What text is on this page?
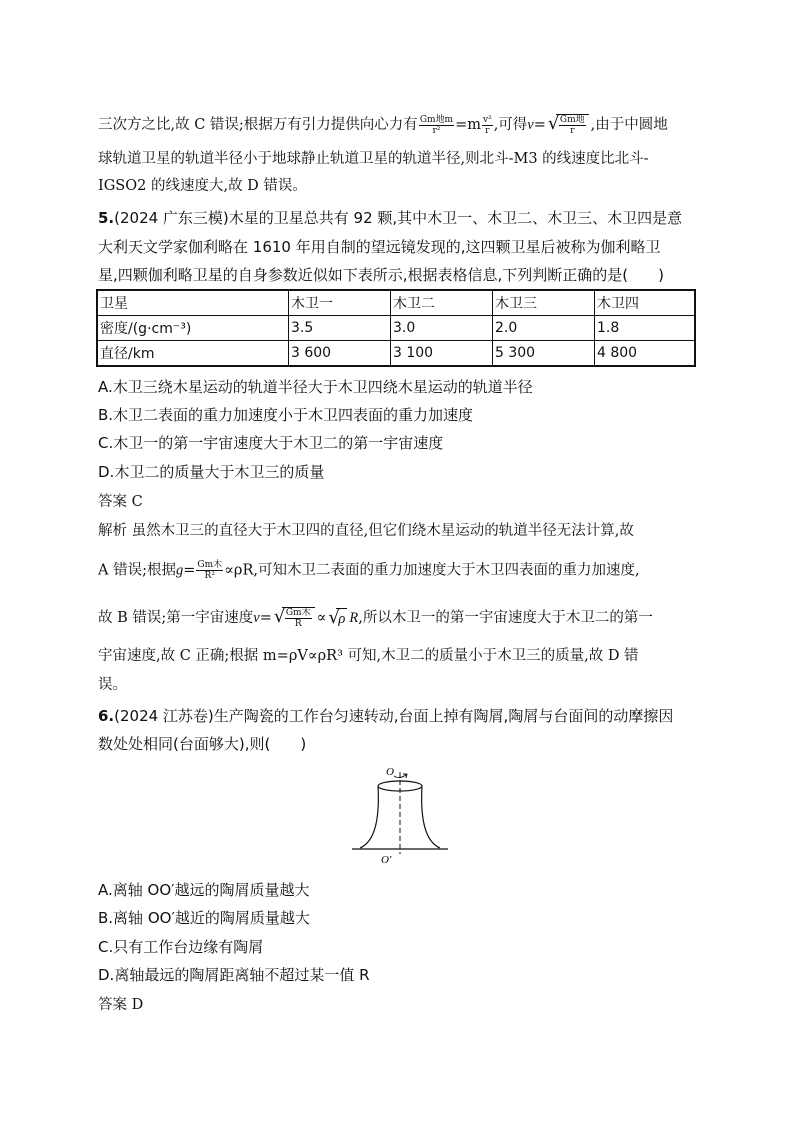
三次方之比,故 C 错误;根据万有引力提供向心力有 $\frac{\text{Gm地m}}{\text{r²}} =m \frac{\text{v²}}{r}$ ,可得v= √ $\frac{\text{Gm地}}{r}$ ,由于中圆地
球轨道卫星的轨道半径小于地球静止轨道卫星的轨道半径,则北斗-M3 的线速度比北斗-
IGSO2 的线速度大,故 D 错误。
5.(2024 广东三模)木星的卫星总共有 92 颗,其中木卫一、木卫二、木卫三、木卫四是意
大利天文学家伽利略在 1610 年用自制的望远镜发现的,这四颗卫星后被称为伽利略卫
星,四颗伽利略卫星的自身参数近似如下表所示,根据表格信息,下列判断正确的是(　　)
卫星	木卫一	木卫二	木卫三	木卫四
密度/(g·cm⁻³)	3.5	3.0	2.0	1.8
直径/km	3 600	3 100	5 300	4 800
A.木卫三绕木星运动的轨道半径大于木卫四绕木星运动的轨道半径
B.木卫二表面的重力加速度小于木卫四表面的重力加速度
C.木卫一的第一宇宙速度大于木卫二的第一宇宙速度
D.木卫二的质量大于木卫三的质量
答案 C
解析 虽然木卫三的直径大于木卫四的直径,但它们绕木星运动的轨道半径无法计算,故
A 错误;根据$g= \frac{\text{Gm木}}{\text{R²}} \propto\rho R$,可知木卫二表面的重力加速度大于木卫四表面的重力加速度,
故 B 错误;第一宇宙速度v= √ $\frac{\text{Gm木}}{R}$ ∝ √
ρ R,所以木卫一的第一宇宙速度大于木卫二的第一
宇宙速度,故 C 正确;根据 m=ρV∝ρR³ 可知,木卫二的质量小于木卫三的质量,故 D 错
误。
6.(2024 江苏卷)生产陶瓷的工作台匀速转动,台面上掉有陶屑,陶屑与台面间的动摩擦因
数处处相同(台面够大),则(　　)
O
O′
A.离轴 OO′越远的陶屑质量越大
B.离轴 OO′越近的陶屑质量越大
C.只有工作台边缘有陶屑
D.离轴最远的陶屑距离轴不超过某一值 R
答案 D
